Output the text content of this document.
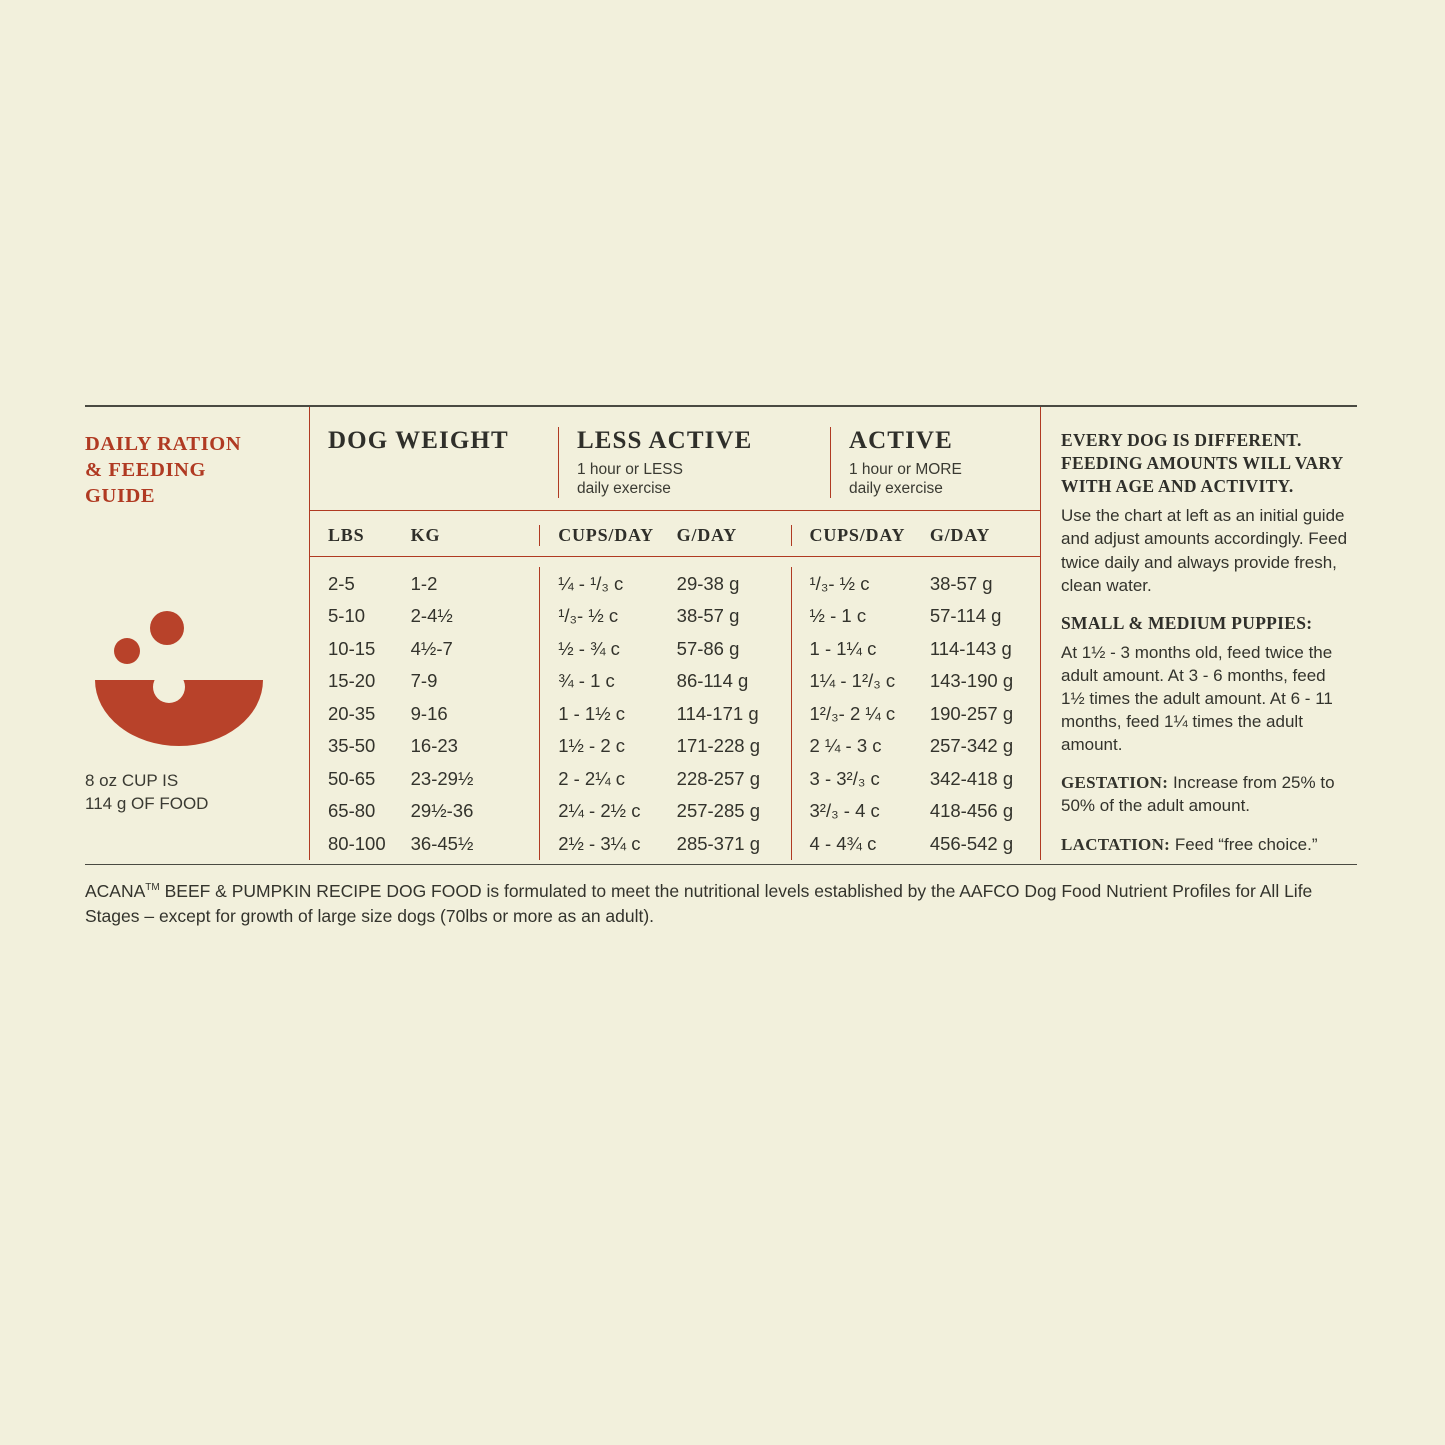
DAILY RATION
& FEEDING
GUIDE
8 oz CUP IS
114 g OF FOOD
DOG WEIGHT	LESS ACTIVE
1 hour or LESS
daily exercise
ACTIVE
1 hour or MORE
daily exercise
LBS	KG	CUPS/DAY	G/DAY	CUPS/DAY	G/DAY
2-5	1-2	¼ - ¹/₃ c	29-38 g	¹/₃- ½ c	38-57 g
5-10	2-4½	¹/₃- ½ c	38-57 g	½ - 1 c	57-114 g
10-15	4½-7	½ - ¾ c	57-86 g	1 - 1¼ c	114-143 g
15-20	7-9	¾ - 1 c	86-114 g	1¼ - 1²/₃ c	143-190 g
20-35	9-16	1 - 1½ c	114-171 g	1²/₃- 2 ¼ c	190-257 g
35-50	16-23	1½ - 2 c	171-228 g	2 ¼ - 3 c	257-342 g
50-65	23-29½	2 - 2¼ c	228-257 g	3 - 3²/₃ c	342-418 g
65-80	29½-36	2¼ - 2½ c	257-285 g	3²/₃ - 4 c	418-456 g
80-100	36-45½	2½ - 3¼ c	285-371 g	4 - 4¾ c	456-542 g
EVERY DOG IS DIFFERENT. FEEDING AMOUNTS WILL VARY WITH AGE AND ACTIVITY.
Use the chart at left as an initial guide and adjust amounts accordingly. Feed twice daily and always provide fresh, clean water.
SMALL & MEDIUM PUPPIES:
At 1½ - 3 months old, feed twice the adult amount. At 3 - 6 months, feed 1½ times the adult amount. At 6 - 11 months, feed 1¼ times the adult amount.
GESTATION: Increase from 25% to 50% of the adult amount.
LACTATION: Feed “free choice.”
ACANA™ BEEF & PUMPKIN RECIPE DOG FOOD is formulated to meet the nutritional levels established by the AAFCO Dog Food Nutrient Profiles for All Life Stages – except for growth of large size dogs (70lbs or more as an adult).
